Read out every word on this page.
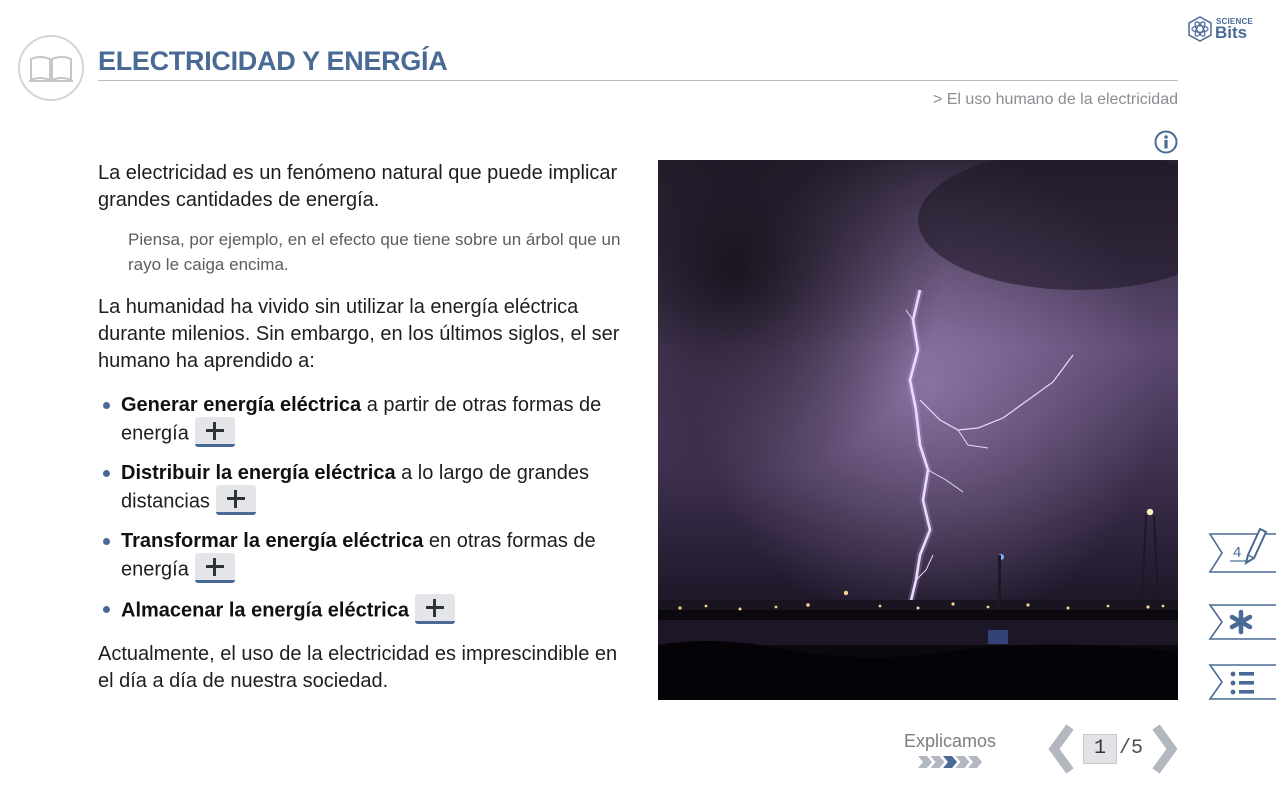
ELECTRICIDAD Y ENERGÍA
SCIENCE
Bits
> El uso humano de la electricidad

La electricidad es un fenómeno natural que puede implicar grandes cantidades de energía.

Piensa, por ejemplo, en el efecto que tiene sobre un árbol que un rayo le caiga encima.

La humanidad ha vivido sin utilizar la energía eléctrica durante milenios. Sin embargo, en los últimos siglos, el ser humano ha aprendido a:

Generar energía eléctrica a partir de otras formas de energía
Distribuir la energía eléctrica a lo largo de grandes distancias
Transformar la energía eléctrica en otras formas de energía
Almacenar la energía eléctrica

Actualmente, el uso de la electricidad es imprescindible en el día a día de nuestra sociedad.

4
Explicamos	1 /5
